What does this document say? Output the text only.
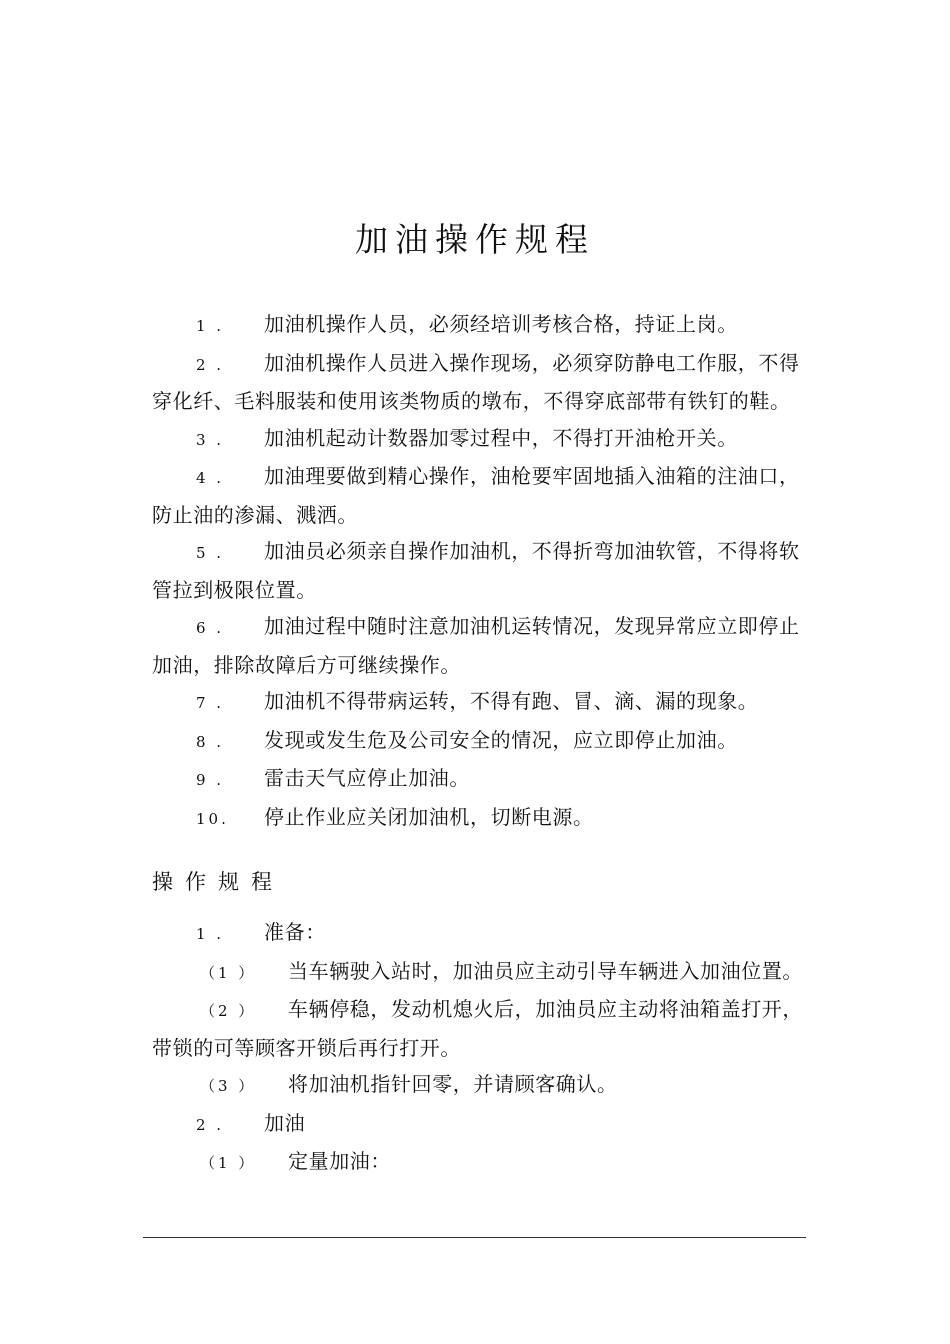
加油操作规程

1 . 加油机操作人员，必须经培训考核合格，持证上岗。

2 . 加油机操作人员进入操作现场，必须穿防静电工作服，不得穿化纤、毛料服装和使用该类物质的墩布，不得穿底部带有铁钉的鞋。

3 . 加油机起动计数器加零过程中，不得打开油枪开关。

4 . 加油理要做到精心操作，油枪要牢固地插入油箱的注油口，防止油的渗漏、溅洒。

5 . 加油员必须亲自操作加油机，不得折弯加油软管，不得将软管拉到极限位置。

6 . 加油过程中随时注意加油机运转情况，发现异常应立即停止加油，排除故障后方可继续操作。

7 . 加油机不得带病运转，不得有跑、冒、滴、漏的现象。

8 . 发现或发生危及公司安全的情况，应立即停止加油。

9 . 雷击天气应停止加油。

10. 停止作业应关闭加油机，切断电源。

操作规程

1 . 准备：

（1 ） 当车辆驶入站时，加油员应主动引导车辆进入加油位置。

（2 ） 车辆停稳，发动机熄火后，加油员应主动将油箱盖打开，带锁的可等顾客开锁后再行打开。

（3 ） 将加油机指针回零，并请顾客确认。

2 . 加油

（1 ） 定量加油：
